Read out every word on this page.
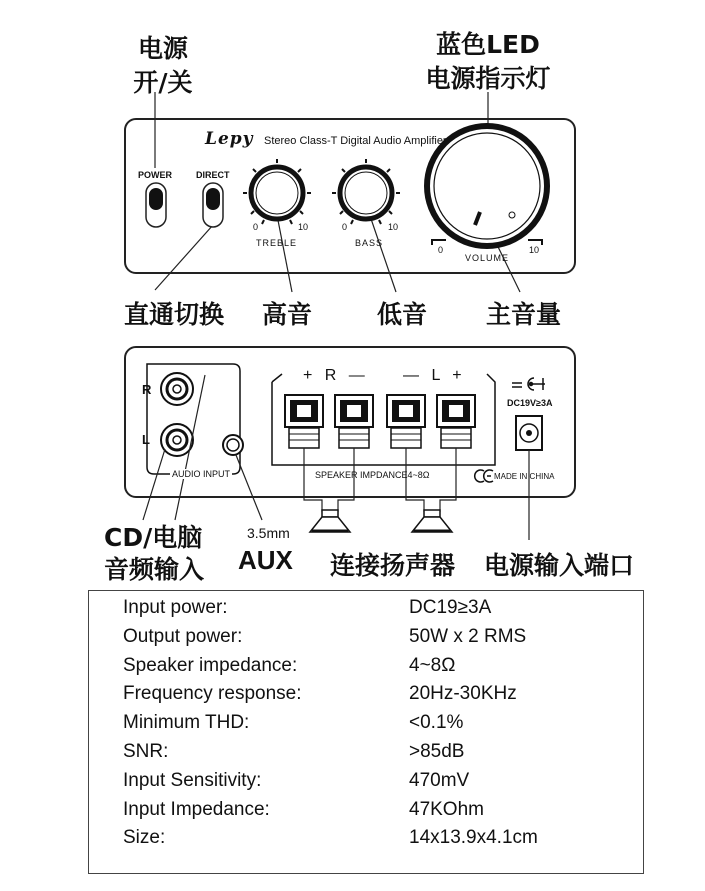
电源
开/关
蓝色LED
电源指示灯
Lepy Stereo Class-T Digital Audio Amplifier
POWER	DIRECT
0	10
TREBLE
0	10
BASS
0	10
VOLUME
直通切换 高音	低音 主音量
R
L
AUDIO INPUT
+ R — — L +
SPEAKER IMPDANCE4~8Ω	MADE IN CHINA
DC19V≥3A
CD/电脑
音频输入
3.5mm
AUX 连接扬声器 电源输入端口
Input power:	DC19≥3A
Output power:	50W x 2 RMS
Speaker impedance:	4~8Ω
Frequency response:	20Hz-30KHz
Minimum THD:	<0.1%
SNR:	>85dB
Input Sensitivity:	470mV
Input Impedance:	47KOhm
Size:	14x13.9x4.1cm
